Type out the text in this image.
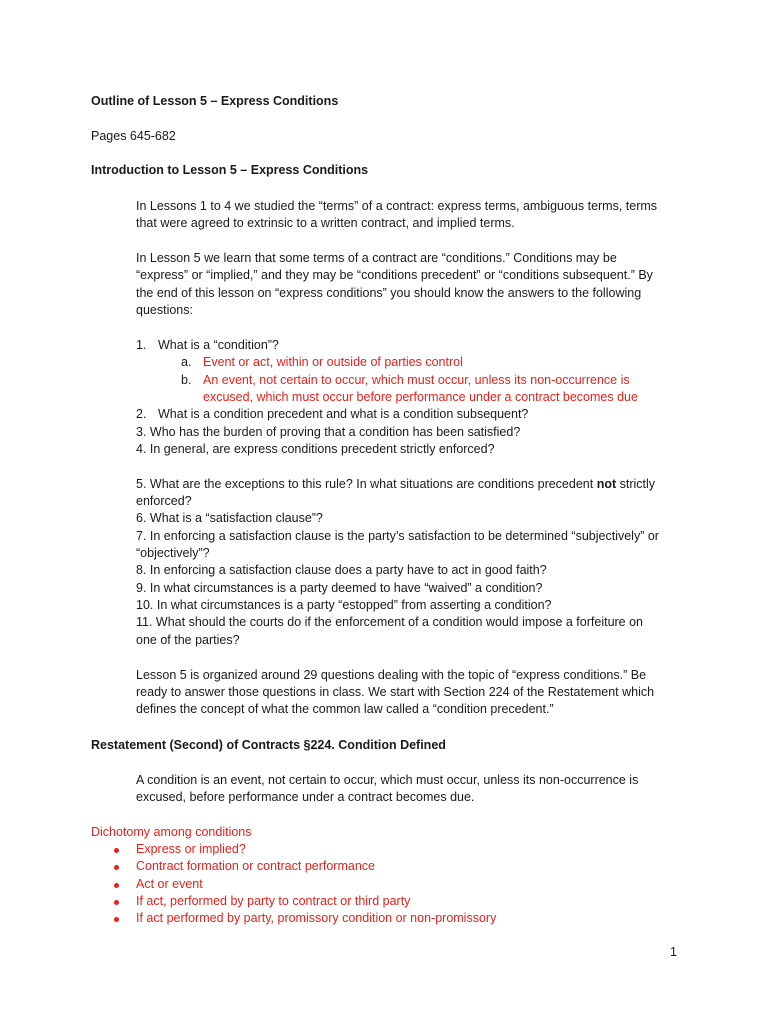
Outline of Lesson 5 – Express Conditions
Pages 645-682
Introduction to Lesson 5 – Express Conditions
In Lessons 1 to 4 we studied the “terms” of a contract: express terms, ambiguous terms, terms
that were agreed to extrinsic to a written contract, and implied terms.
In Lesson 5 we learn that some terms of a contract are “conditions.” Conditions may be
“express” or “implied,” and they may be “conditions precedent” or “conditions subsequent.” By
the end of this lesson on “express conditions” you should know the answers to the following
questions:
1. What is a “condition”?
a. Event or act, within or outside of parties control
b. An event, not certain to occur, which must occur, unless its non-occurrence is
excused, which must occur before performance under a contract becomes due
2. What is a condition precedent and what is a condition subsequent?
3. Who has the burden of proving that a condition has been satisfied?
4. In general, are express conditions precedent strictly enforced?
5. What are the exceptions to this rule? In what situations are conditions precedent not strictly
enforced?
6. What is a “satisfaction clause”?
7. In enforcing a satisfaction clause is the party’s satisfaction to be determined “subjectively” or
“objectively”?
8. In enforcing a satisfaction clause does a party have to act in good faith?
9. In what circumstances is a party deemed to have “waived” a condition?
10. In what circumstances is a party “estopped” from asserting a condition?
11. What should the courts do if the enforcement of a condition would impose a forfeiture on
one of the parties?
Lesson 5 is organized around 29 questions dealing with the topic of “express conditions.” Be
ready to answer those questions in class. We start with Section 224 of the Restatement which
defines the concept of what the common law called a “condition precedent.”
Restatement (Second) of Contracts §224. Condition Defined
A condition is an event, not certain to occur, which must occur, unless its non-occurrence is
excused, before performance under a contract becomes due.
Dichotomy among conditions
Express or implied?
Contract formation or contract performance
Act or event
If act, performed by party to contract or third party
If act performed by party, promissory condition or non-promissory
1
